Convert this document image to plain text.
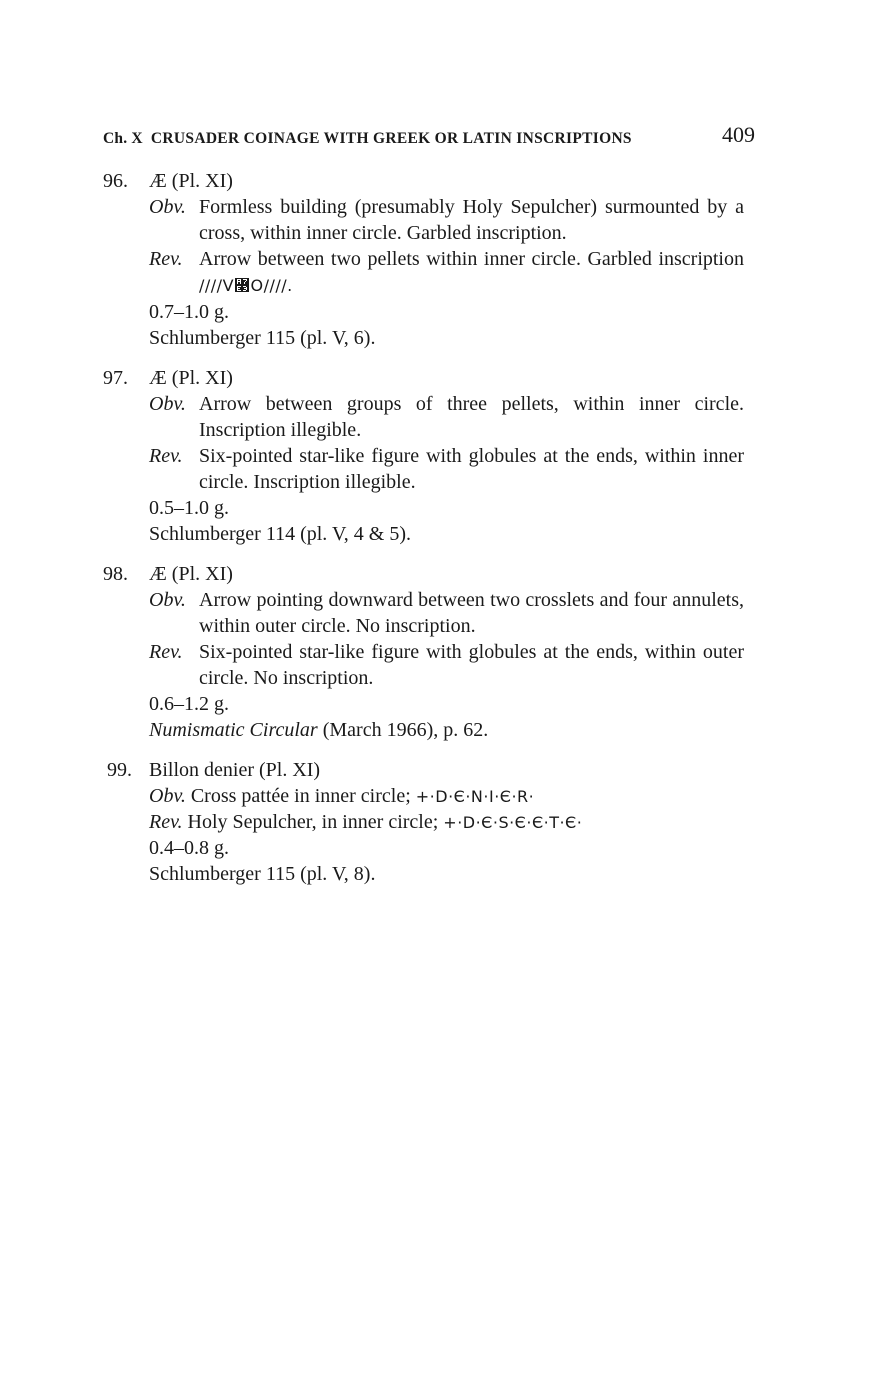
Ch. X CRUSADER COINAGE WITH GREEK OR LATIN INSCRIPTIONS	409
96. Æ (Pl. XI)
Obv. Formless building (presumably Holy Sepulcher) surmounted by a cross, within inner circle. Garbled inscription.
Rev. Arrow between two pellets within inner circle. Garbled inscription ////V꟣O////.
0.7–1.0 g.
Schlumberger 115 (pl. V, 6).
97. Æ (Pl. XI)
Obv. Arrow between groups of three pellets, within inner circle. Inscription illegible.
Rev. Six-pointed star-like figure with globules at the ends, within inner circle. Inscription illegible.
0.5–1.0 g.
Schlumberger 114 (pl. V, 4 & 5).
98. Æ (Pl. XI)
Obv. Arrow pointing downward between two crosslets and four annulets, within outer circle. No inscription.
Rev. Six-pointed star-like figure with globules at the ends, within outer circle. No inscription.
0.6–1.2 g.
Numismatic Circular (March 1966), p. 62.
99. Billon denier (Pl. XI)
Obv. Cross pattée in inner circle; +·D·Є·N·I·Є·R·
Rev. Holy Sepulcher, in inner circle; +·D·Є·S·Є·Є·T·Є·
0.4–0.8 g.
Schlumberger 115 (pl. V, 8).
